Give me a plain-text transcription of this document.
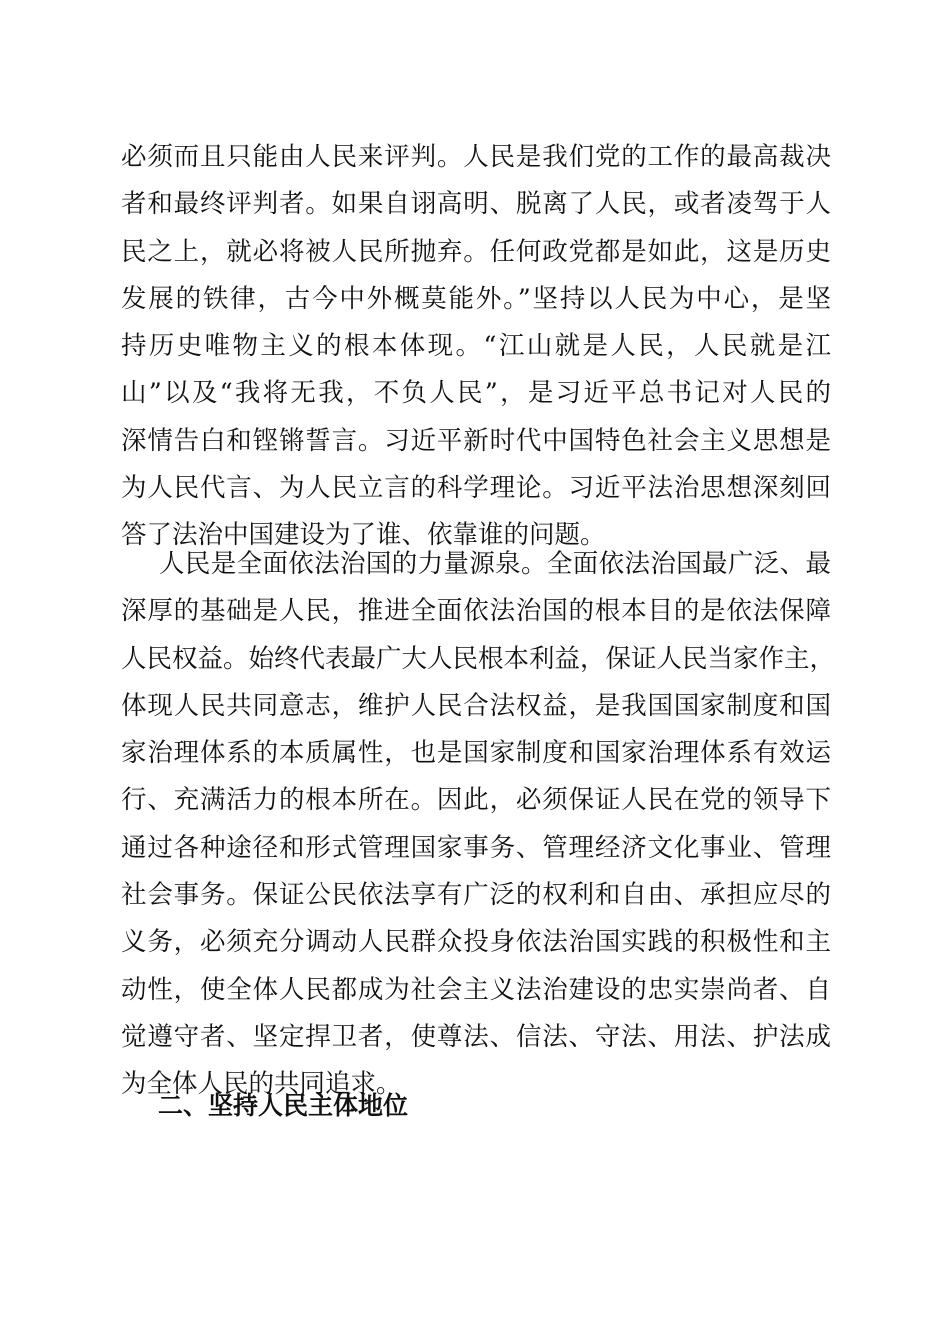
必须而且只能由人民来评判。人民是我们党的工作的最高裁决
者和最终评判者。如果自诩高明、脱离了人民，或者凌驾于人
民之上，就必将被人民所抛弃。任何政党都是如此，这是历史
发展的铁律，古今中外概莫能外。”坚持以人民为中心，是坚
持历史唯物主义的根本体现。“江山就是人民，人民就是江
山”以及“我将无我，不负人民”，是习近平总书记对人民的
深情告白和铿锵誓言。习近平新时代中国特色社会主义思想是
为人民代言、为人民立言的科学理论。习近平法治思想深刻回
答了法治中国建设为了谁、依靠谁的问题。
人民是全面依法治国的力量源泉。全面依法治国最广泛、最
深厚的基础是人民，推进全面依法治国的根本目的是依法保障
人民权益。始终代表最广大人民根本利益，保证人民当家作主，
体现人民共同意志，维护人民合法权益，是我国国家制度和国
家治理体系的本质属性，也是国家制度和国家治理体系有效运
行、充满活力的根本所在。因此，必须保证人民在党的领导下
通过各种途径和形式管理国家事务、管理经济文化事业、管理
社会事务。保证公民依法享有广泛的权利和自由、承担应尽的
义务，必须充分调动人民群众投身依法治国实践的积极性和主
动性，使全体人民都成为社会主义法治建设的忠实崇尚者、自
觉遵守者、坚定捍卫者，使尊法、信法、守法、用法、护法成
为全体人民的共同追求。
二、坚持人民主体地位
